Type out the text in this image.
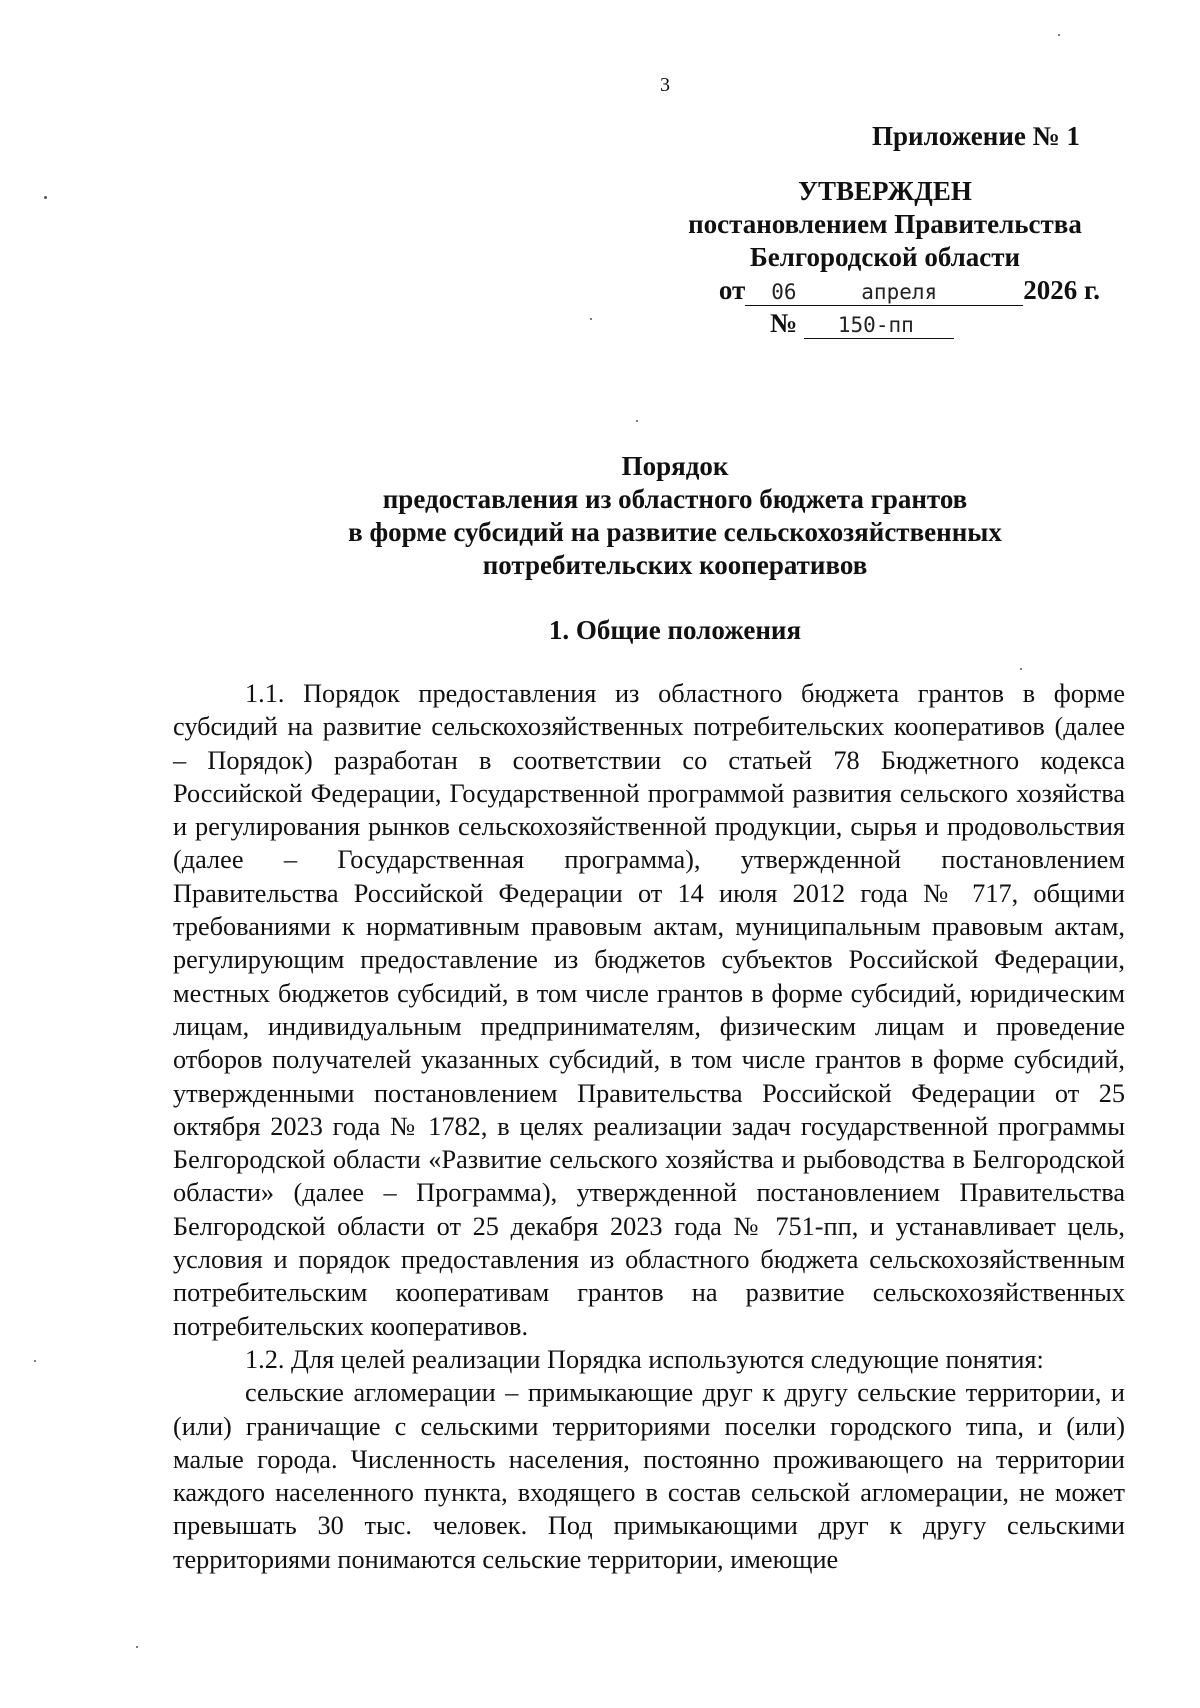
3
Приложение № 1
УТВЕРЖДЕН
постановлением Правительства
Белгородской области
от	06	апреля	2026 г.
№ 150-пп
Порядок
предоставления из областного бюджета грантов
в форме субсидий на развитие сельскохозяйственных
потребительских кооперативов
1. Общие положения

1.1. Порядок предоставления из областного бюджета грантов в форме субсидий на развитие сельскохозяйственных потребительских кооперативов (далее – Порядок) разработан в соответствии со статьей 78 Бюджетного кодекса Российской Федерации, Государственной программой развития сельского хозяйства и регулирования рынков сельскохозяйственной продукции, сырья и продовольствия (далее – Государственная программа), утвержденной постановлением Правительства Российской Федерации от 14 июля 2012 года № 717, общими требованиями к нормативным правовым актам, муниципальным правовым актам, регулирующим предоставление из бюджетов субъектов Российской Федерации, местных бюджетов субсидий, в том числе грантов в форме субсидий, юридическим лицам, индивидуальным предпринимателям, физическим лицам и проведение отборов получателей указанных субсидий, в том числе грантов в форме субсидий, утвержденными постановлением Правительства Российской Федерации от 25 октября 2023 года № 1782, в целях реализации задач государственной программы Белгородской области «Развитие сельского хозяйства и рыбоводства в Белгородской области» (далее – Программа), утвержденной постановлением Правительства Белгородской области от 25 декабря 2023 года № 751-пп, и устанавливает цель, условия и порядок предоставления из областного бюджета сельскохозяйственным потребительским кооперативам грантов на развитие сельскохозяйственных потребительских кооперативов.

1.2. Для целей реализации Порядка используются следующие понятия:

сельские агломерации – примыкающие друг к другу сельские территории, и (или) граничащие с сельскими территориями поселки городского типа, и (или) малые города. Численность населения, постоянно проживающего на территории каждого населенного пункта, входящего в состав сельской агломерации, не может превышать 30 тыс. человек. Под примыкающими друг к другу сельскими территориями понимаются сельские территории, имеющие
